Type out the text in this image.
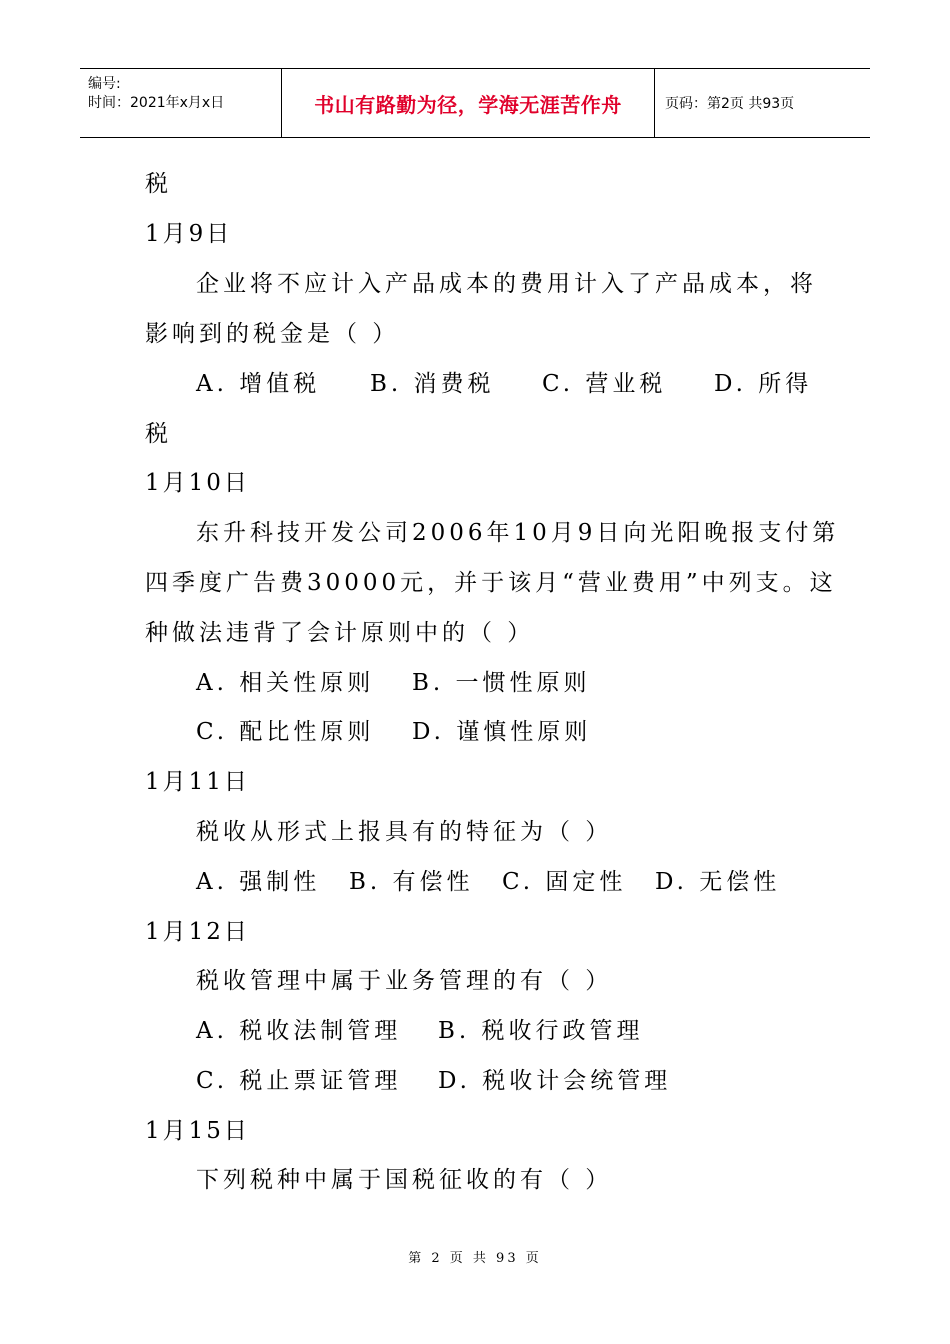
编号:
时间：2021年x月x日	书山有路勤为径，学海无涯苦作舟	页码：第2页 共93页
税
1月9日
企业将不应计入产品成本的费用计入了产品成本，将
影响到的税金是（ ）
A. 增值税 B. 消费税 C. 营业税 D. 所得
税
1月10日
东升科技开发公司2006年10月9日向光阳晚报支付第
四季度广告费30000元，并于该月“营业费用”中列支。这
种做法违背了会计原则中的（ ）
A. 相关性原则 B. 一惯性原则
C. 配比性原则 D. 谨慎性原则
1月11日
税收从形式上报具有的特征为（ ）
A. 强制性 B. 有偿性 C. 固定性 D. 无偿性
1月12日
税收管理中属于业务管理的有（ ）
A. 税收法制管理 B. 税收行政管理
C. 税止票证管理 D. 税收计会统管理
1月15日
下列税种中属于国税征收的有（ ）
第 2 页 共 93 页
